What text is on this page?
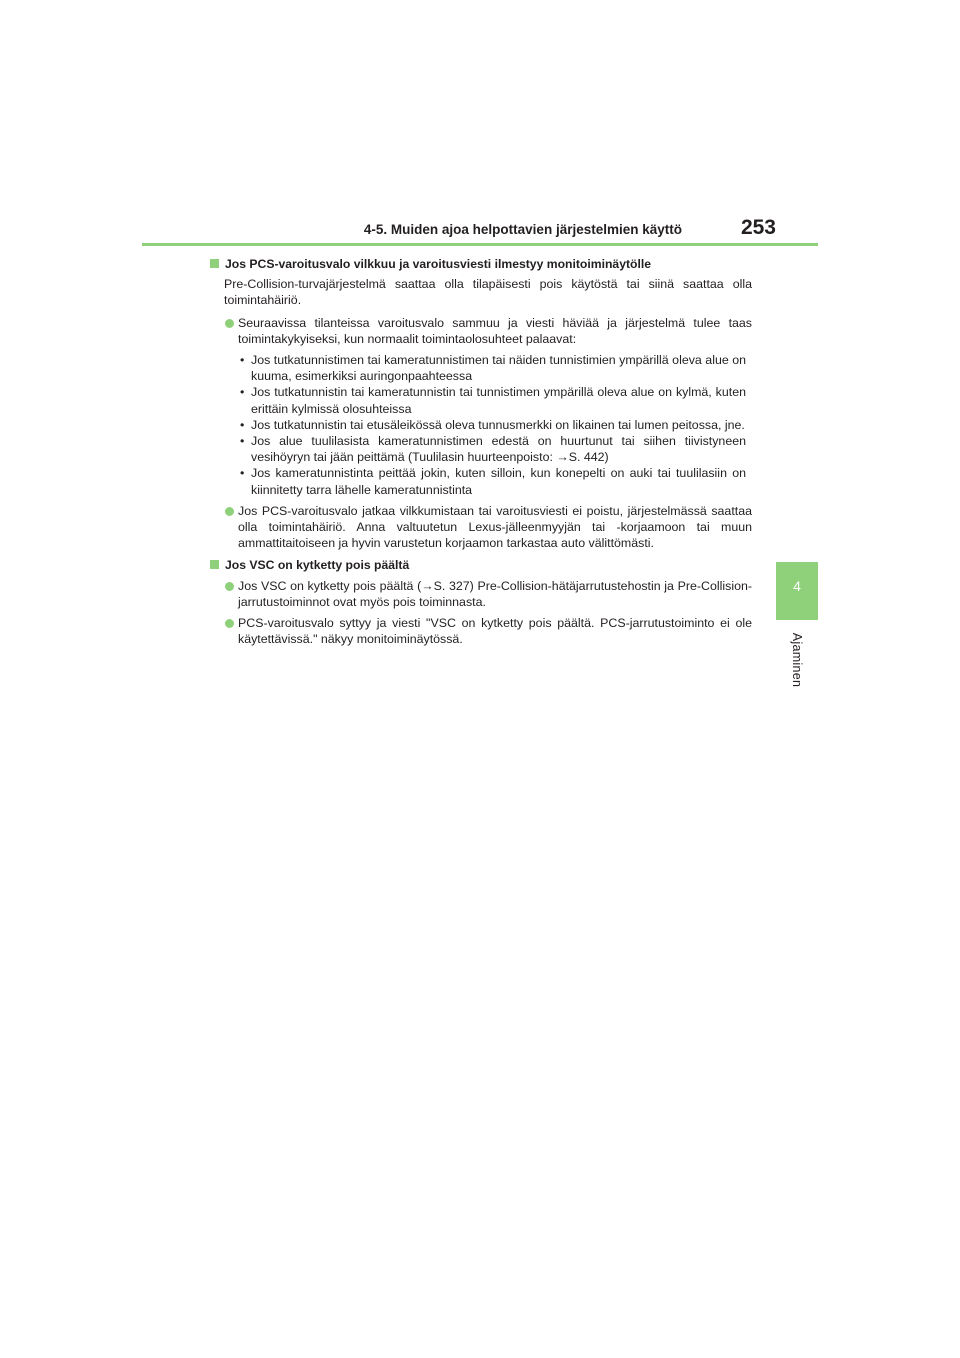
4-5. Muiden ajoa helpottavien järjestelmien käyttö	253
4
Ajaminen
Jos PCS-varoitusvalo vilkkuu ja varoitusviesti ilmestyy monitoiminäytölle
Pre-Collision-turvajärjestelmä saattaa olla tilapäisesti pois käytöstä tai siinä saattaa olla toimintahäiriö.
Seuraavissa tilanteissa varoitusvalo sammuu ja viesti häviää ja järjestelmä tulee taas toimintakykyiseksi, kun normaalit toimintaolosuhteet palaavat:
• Jos tutkatunnistimen tai kameratunnistimen tai näiden tunnistimien ympärillä oleva alue on kuuma, esimerkiksi auringonpaahteessa
• Jos tutkatunnistin tai kameratunnistin tai tunnistimen ympärillä oleva alue on kylmä, kuten erittäin kylmissä olosuhteissa
• Jos tutkatunnistin tai etusäleikössä oleva tunnusmerkki on likainen tai lumen peitossa, jne.
• Jos alue tuulilasista kameratunnistimen edestä on huurtunut tai siihen tiivistyneen vesihöyryn tai jään peittämä (Tuulilasin huurteenpoisto: →S. 442)
• Jos kameratunnistinta peittää jokin, kuten silloin, kun konepelti on auki tai tuulilasiin on kiinnitetty tarra lähelle kameratunnistinta
Jos PCS-varoitusvalo jatkaa vilkkumistaan tai varoitusviesti ei poistu, järjestelmässä saattaa olla toimintahäiriö. Anna valtuutetun Lexus-jälleenmyyjän tai -korjaamoon tai muun ammattitaitoiseen ja hyvin varustetun korjaamon tarkastaa auto välittömästi.
Jos VSC on kytketty pois päältä
Jos VSC on kytketty pois päältä (→S. 327) Pre-Collision-hätäjarrutustehostin ja Pre-Collision-jarrutustoiminnot ovat myös pois toiminnasta.
PCS-varoitusvalo syttyy ja viesti "VSC on kytketty pois päältä. PCS-jarrutustoiminto ei ole käytettävissä." näkyy monitoiminäytössä.
